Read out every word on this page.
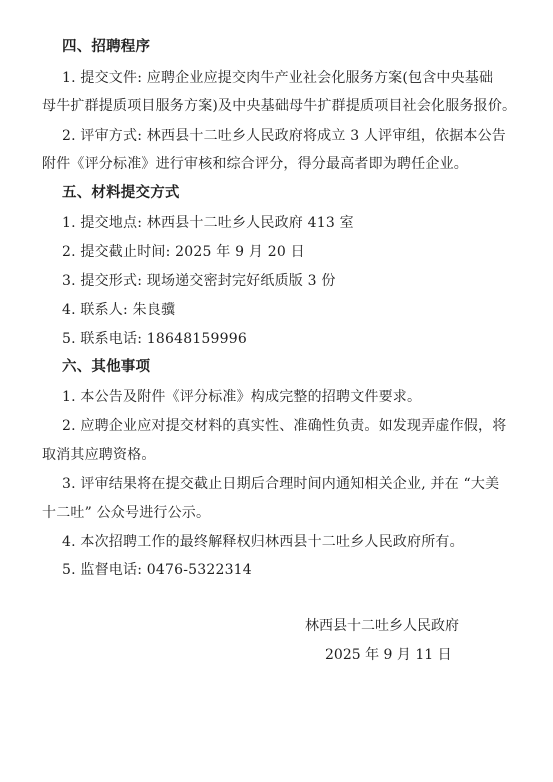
四、招聘程序
1. 提交文件: 应聘企业应提交肉牛产业社会化服务方案(包含中央基础
母牛扩群提质项目服务方案)及中央基础母牛扩群提质项目社会化服务报价。
2. 评审方式: 林西县十二吐乡人民政府将成立 3 人评审组，依据本公告
附件《评分标准》进行审核和综合评分，得分最高者即为聘任企业。
五、材料提交方式
1. 提交地点: 林西县十二吐乡人民政府 413 室
2. 提交截止时间: 2025 年 9 月 20 日
3. 提交形式: 现场递交密封完好纸质版 3 份
4. 联系人: 朱良骥
5. 联系电话: 18648159996
六、其他事项
1. 本公告及附件《评分标准》构成完整的招聘文件要求。
2. 应聘企业应对提交材料的真实性、准确性负责。如发现弄虚作假，将
取消其应聘资格。
3. 评审结果将在提交截止日期后合理时间内通知相关企业, 并在 “大美
十二吐” 公众号进行公示。
4. 本次招聘工作的最终解释权归林西县十二吐乡人民政府所有。
5. 监督电话: 0476-5322314
林西县十二吐乡人民政府
2025 年 9 月 11 日
